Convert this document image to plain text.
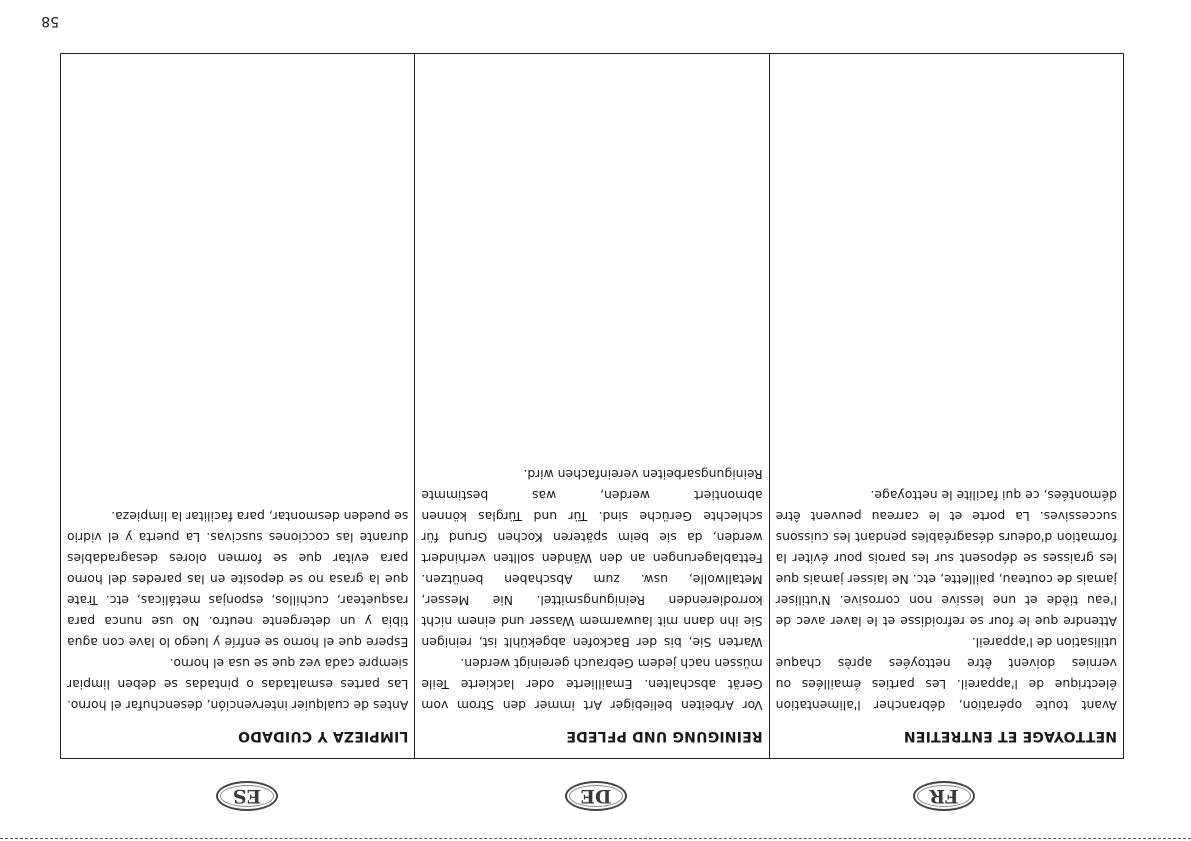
58
FR
DE
ES
NETTOYAGE ET ENTRETIEN

Avant toute opération, débrancher l'alimentation électrique de l'appareil. Les parties émaillées ou vernies doivent être nettoyées après chaque utilisation de l'appareil.
Attendre que le four se refroidisse et le laver avec de l'eau tiède et une lessive non corrosive. N'utiliser jamais de couteau, paillette, etc. Ne laisser jamais que les graisses se déposent sur les parois pour éviter la formation d'odeurs désagréables pendant les cuissons successives. La porte et le carreau peuvent être démontées, ce qui facilite le nettoyage.

REINIGUNG UND PFLEDE

Vor Arbeiten beliebiger Art immer den Strom vom Gerät abschalten. Emaillierte oder lackierte Teile müssen nach jedem Gebrauch gereinigt werden.
Warten Sie, bis der Backofen abgekühlt ist, reinigen Sie ihn dann mit lauwarmem Wasser und einem nicht korrodierenden Reinigungsmittel. Nie Messer, Metallwolle, usw. zum Abschaben benützen. Fettablagerungen an den Wänden sollten verhindert werden, da sie beim späteren Kochen Grund für schlechte Gerüche sind. Tür und Türglas können abmontiert werden, was bestimmte Reinigungsarbeiten vereinfachen wird.

LIMPIEZA Y CUIDADO

Antes de cualquier intervención, desenchufar el horno. Las partes esmaltadas o pintadas se deben limpiar siempre cada vez que se usa el horno.
Espere que el horno se enfríe y luego lo lave con agua tibia y un detergente neutro. No use nunca para rasquetear, cuchillos, esponjas metálicas, etc. Trate que la grasa no se deposite en las paredes del horno para evitar que se formen olores desagradables durante las cocciones suscivas. La puerta y el vidrio se pueden desmontar, para facilitar la limpieza.
